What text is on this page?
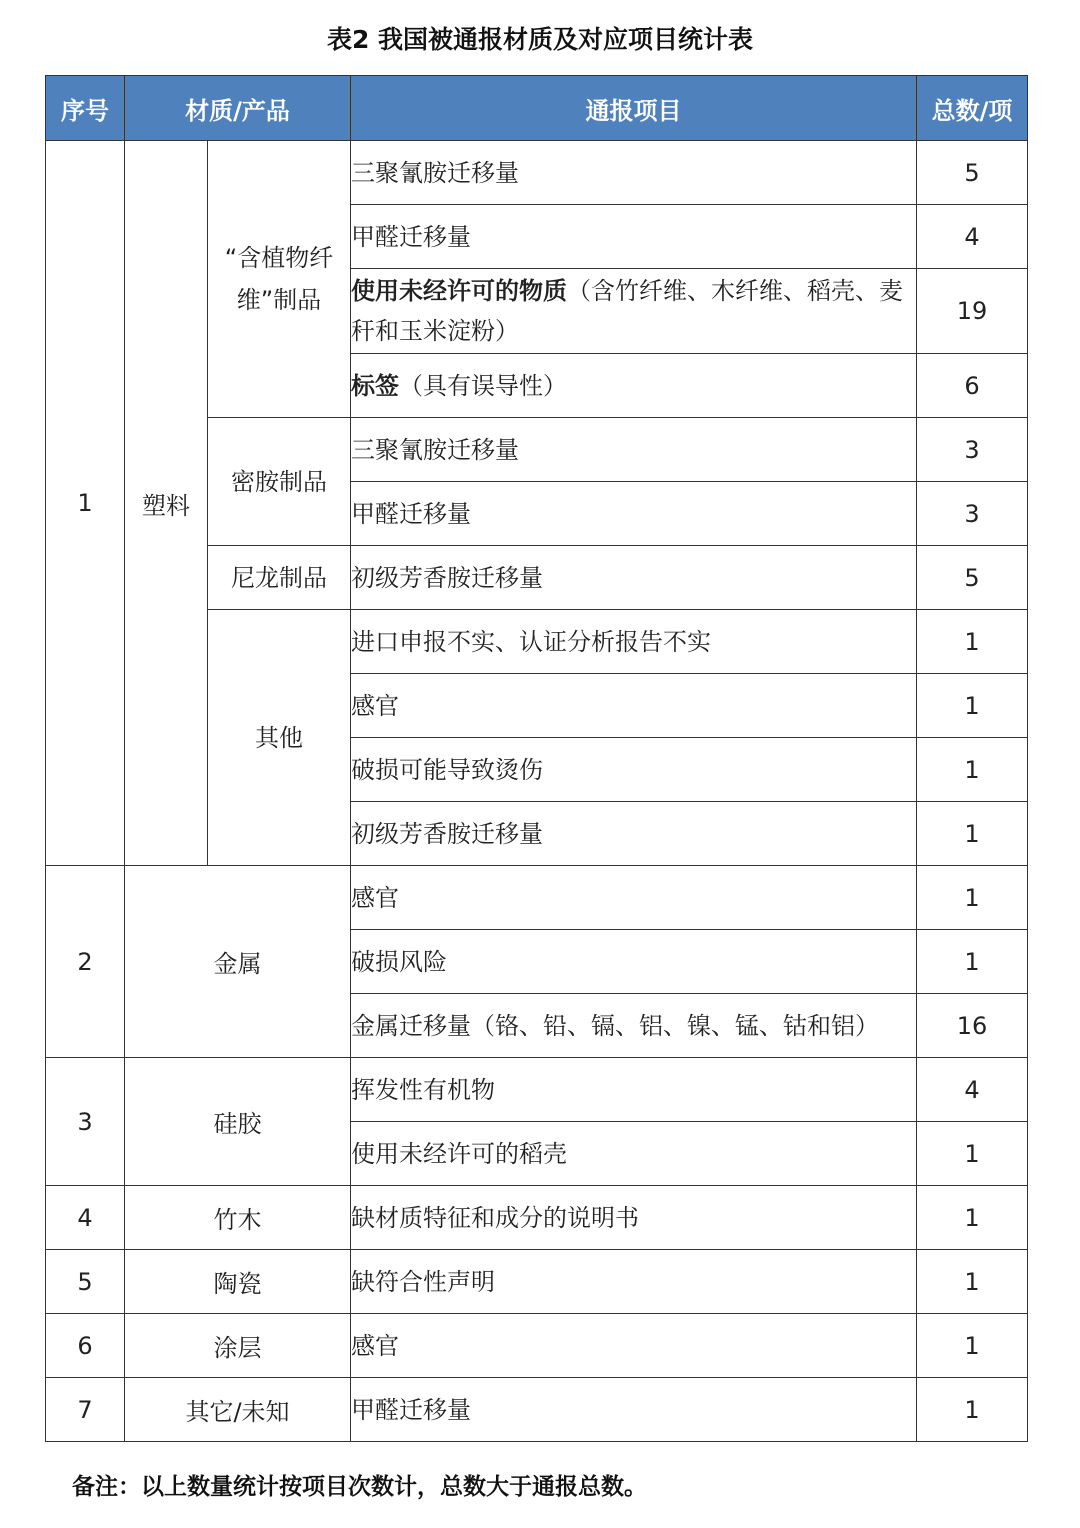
表2 我国被通报材质及对应项目统计表
序号	材质/产品		通报项目	总数/项
1	塑料	“含植物纤维”制品	三聚氰胺迁移量	5
			甲醛迁移量	4
			使用未经许可的物质（含竹纤维、木纤维、稻壳、麦秆和玉米淀粉）	19
			标签（具有误导性）	6
		密胺制品	三聚氰胺迁移量	3
			甲醛迁移量	3
		尼龙制品	初级芳香胺迁移量	5
		其他	进口申报不实、认证分析报告不实	1
			感官	1
			破损可能导致烫伤	1
			初级芳香胺迁移量	1
2	金属		感官	1
			破损风险	1
			金属迁移量（铬、铅、镉、铝、镍、锰、钴和铝）	16
3	硅胶		挥发性有机物	4
			使用未经许可的稻壳	1
4	竹木		缺材质特征和成分的说明书	1
5	陶瓷		缺符合性声明	1
6	涂层		感官	1
7	其它/未知		甲醛迁移量	1
备注：以上数量统计按项目次数计，总数大于通报总数。
